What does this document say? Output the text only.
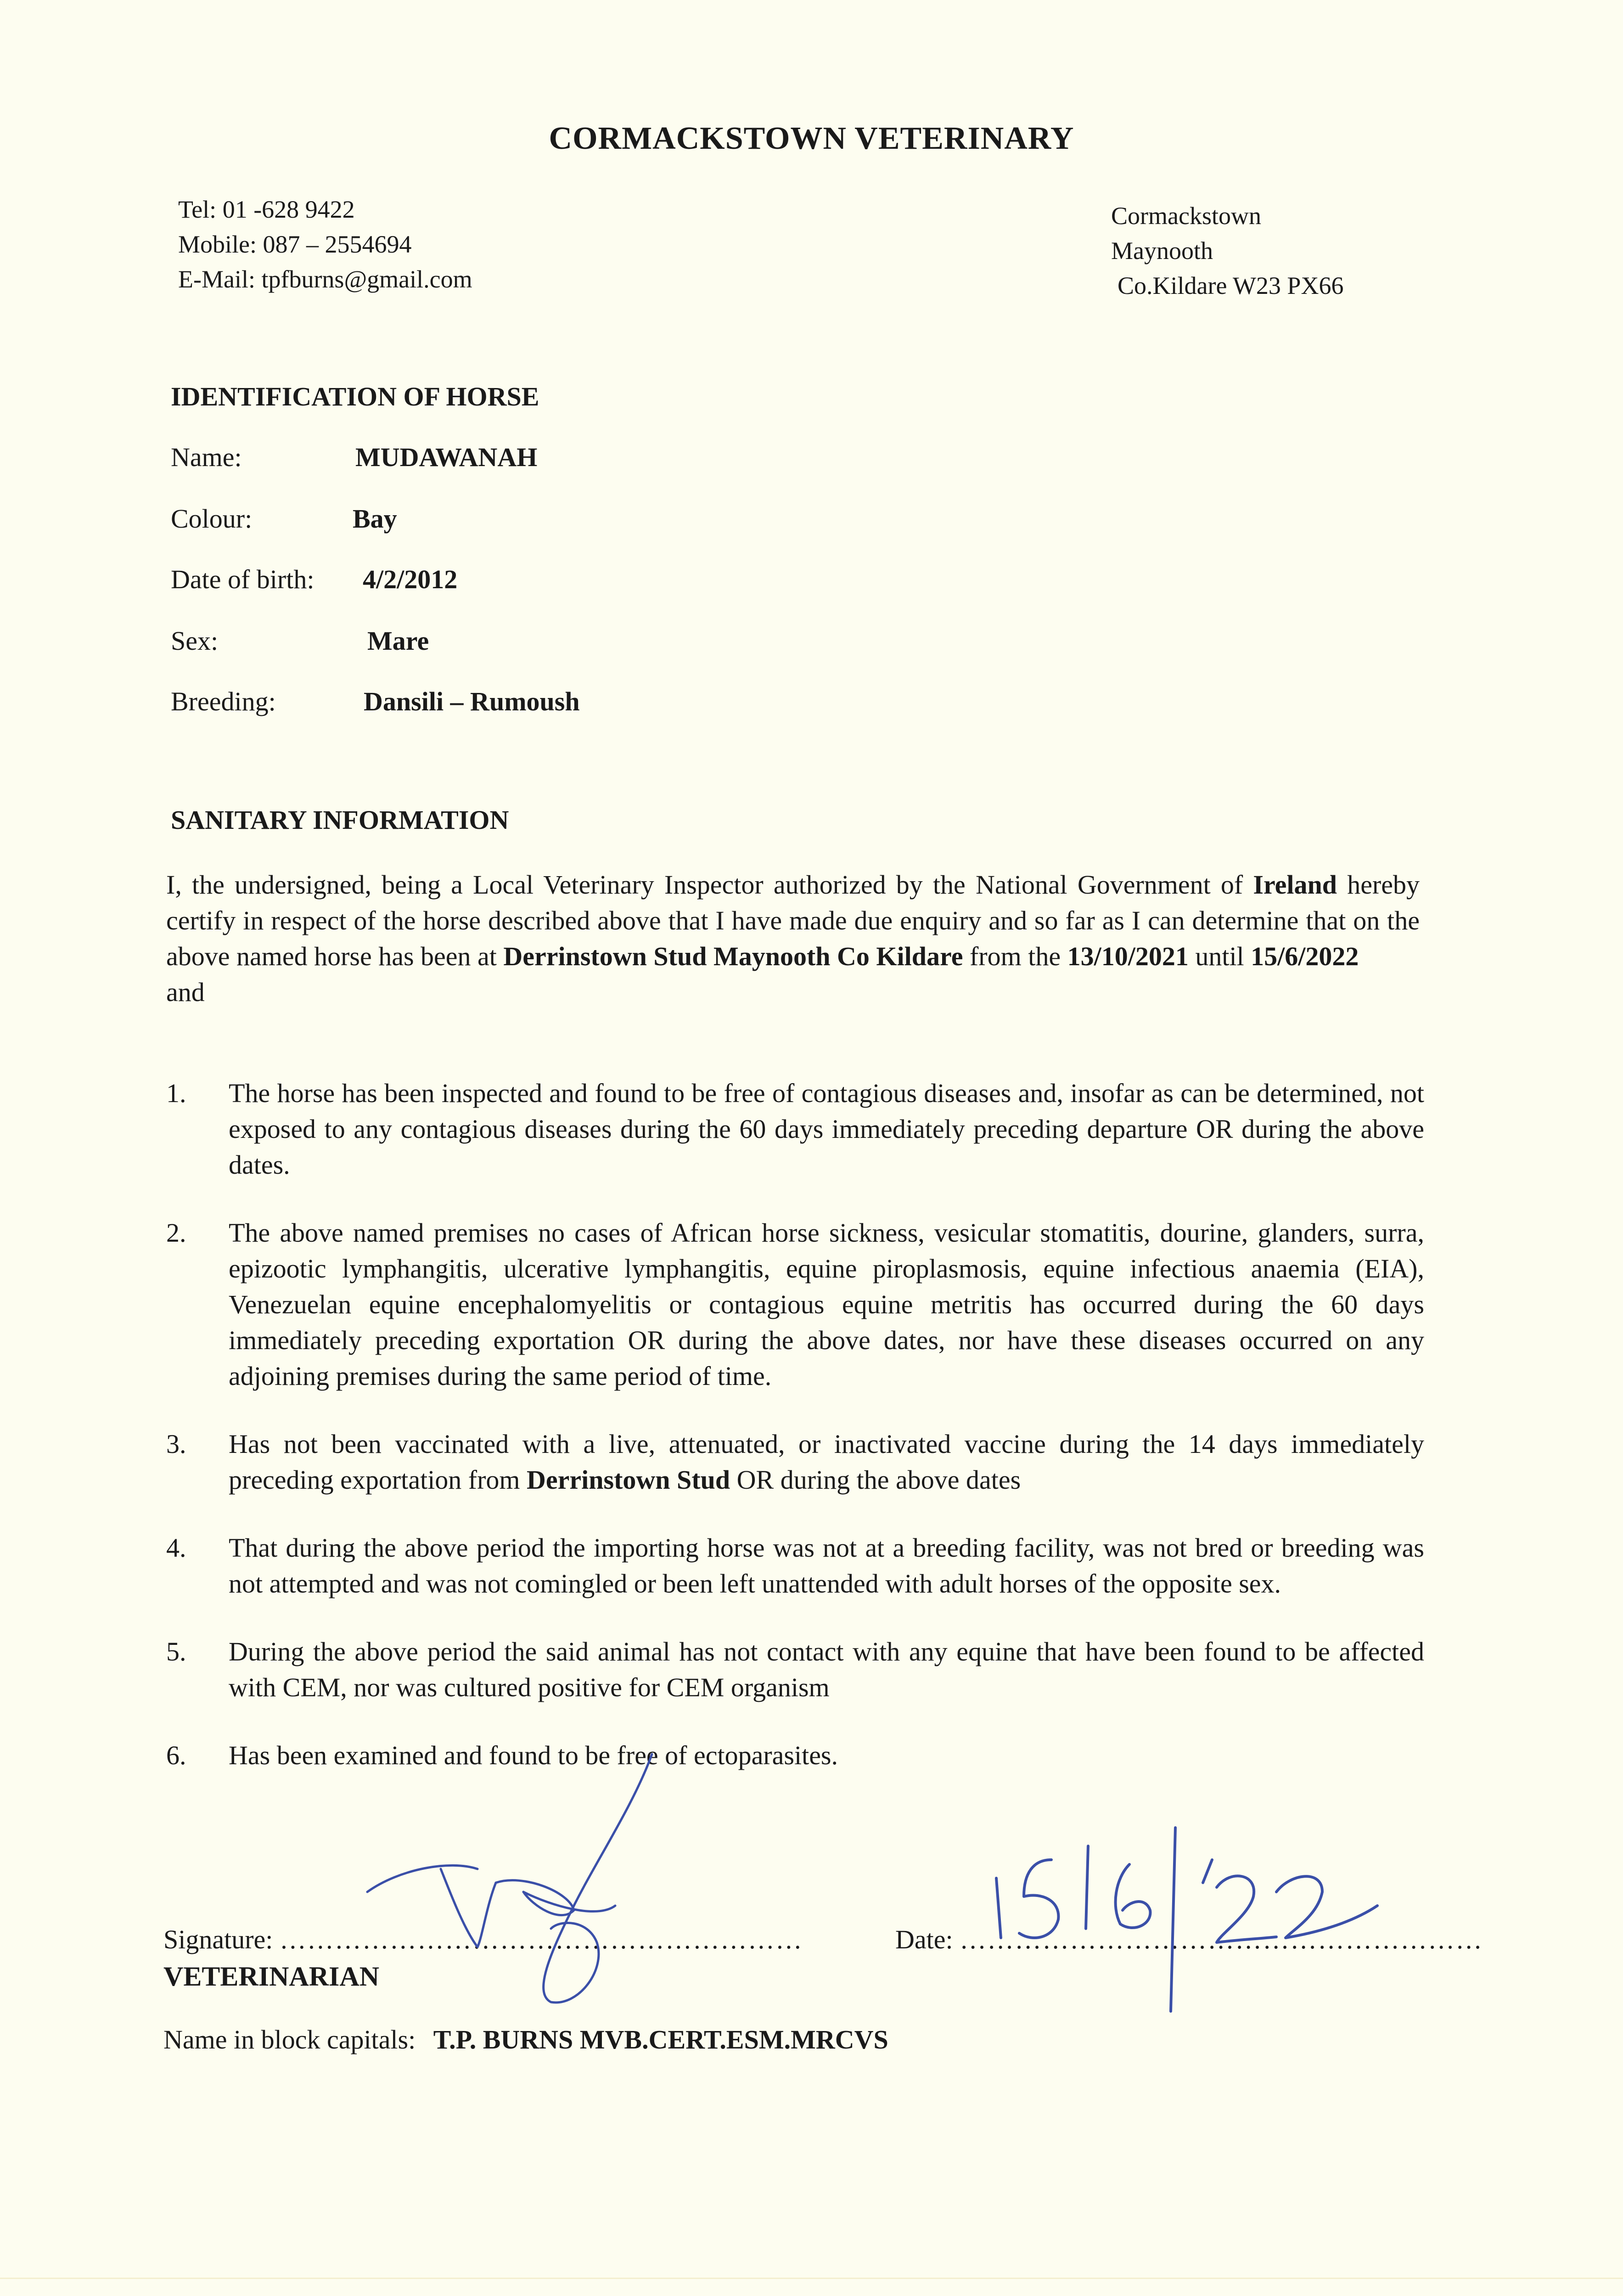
CORMACKSTOWN VETERINARY
Tel: 01 -628 9422
Mobile: 087 – 2554694
E-Mail: tpfburns@gmail.com
Cormackstown
Maynooth
Co.Kildare W23 PX66
IDENTIFICATION OF HORSE
Name:	MUDAWANAH
Colour:	Bay
Date of birth: 4/2/2012
Sex:	Mare
Breeding:	Dansili – Rumoush
SANITARY INFORMATION
I, the undersigned, being a Local Veterinary Inspector authorized by the National Government of Ireland hereby certify in respect of the horse described above that I have made due enquiry and so far as I can determine that on the above named horse has been at Derrinstown Stud Maynooth Co Kildare from the 13/10/2021 until 15/6/2022
and
1. The horse has been inspected and found to be free of contagious diseases and, insofar as can be determined, not exposed to any contagious diseases during the 60 days immediately preceding departure OR during the above dates.
2. The above named premises no cases of African horse sickness, vesicular stomatitis, dourine, glanders, surra, epizootic lymphangitis, ulcerative lymphangitis, equine piroplasmosis, equine infectious anaemia (EIA), Venezuelan equine encephalomyelitis or contagious equine metritis has occurred during the 60 days immediately preceding exportation OR during the above dates, nor have these diseases occurred on any adjoining premises during the same period of time.
3. Has not been vaccinated with a live, attenuated, or inactivated vaccine during the 14 days immediately preceding exportation from Derrinstown Stud OR during the above dates
4. That during the above period the importing horse was not at a breeding facility, was not bred or breeding was not attempted and was not comingled or been left unattended with adult horses of the opposite sex.
5. During the above period the said animal has not contact with any equine that have been found to be affected with CEM, nor was cultured positive for CEM organism
6. Has been examined and found to be free of ectoparasites.
Signature: …………………………………………………
VETERINARIAN
Date: …………………………………………………
Name in block capitals: T.P. BURNS MVB.CERT.ESM.MRCVS
